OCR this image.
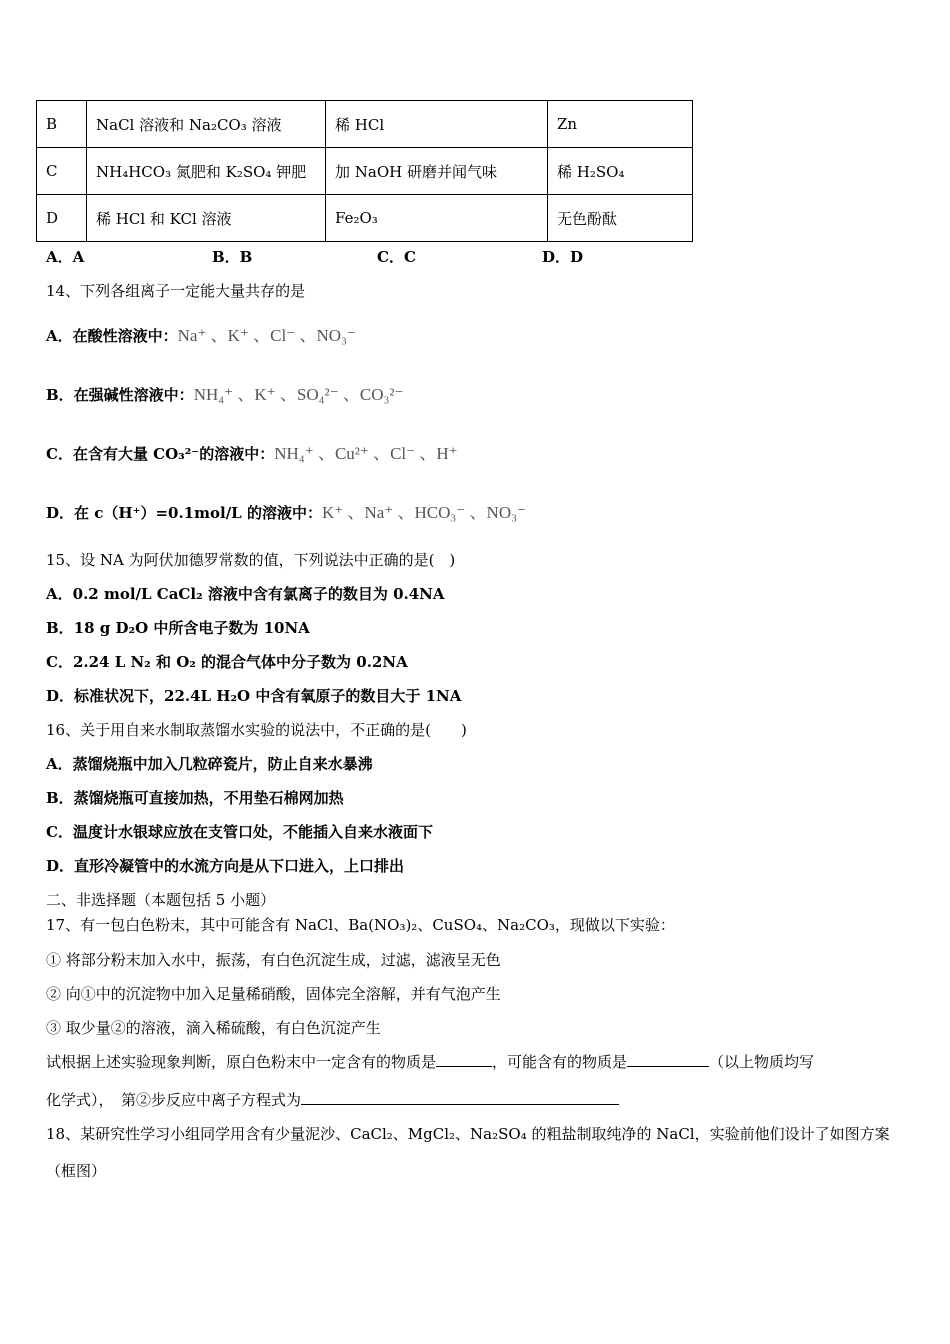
B	NaCl 溶液和 Na₂CO₃ 溶液	稀 HCl	Zn
C	NH₄HCO₃ 氮肥和 K₂SO₄ 钾肥	加 NaOH 研磨并闻气味	稀 H₂SO₄
D	稀 HCl 和 KCl 溶液	Fe₂O₃	无色酚酞
A．A	B．B	C．C	D．D
14、下列各组离子一定能大量共存的是
A．在酸性溶液中：Na⁺ 、K⁺ 、Cl⁻ 、NO₃⁻
B．在强碱性溶液中：NH₄⁺ 、K⁺ 、SO₄²⁻ 、CO₃²⁻
C．在含有大量 CO₃²⁻的溶液中：NH₄⁺ 、Cu²⁺ 、Cl⁻ 、H⁺
D．在 c（H⁺）=0.1mol/L 的溶液中：K⁺ 、Na⁺ 、HCO₃⁻ 、NO₃⁻
15、设 NA 为阿伏加德罗常数的值，下列说法中正确的是(　)
A．0.2 mol/L CaCl₂ 溶液中含有氯离子的数目为 0.4NA
B．18 g D₂O 中所含电子数为 10NA
C．2.24 L N₂ 和 O₂ 的混合气体中分子数为 0.2NA
D．标准状况下，22.4L H₂O 中含有氧原子的数目大于 1NA
16、关于用自来水制取蒸馏水实验的说法中，不正确的是(　　)
A．蒸馏烧瓶中加入几粒碎瓷片，防止自来水暴沸
B．蒸馏烧瓶可直接加热，不用垫石棉网加热
C．温度计水银球应放在支管口处，不能插入自来水液面下
D．直形冷凝管中的水流方向是从下口进入，上口排出
二、非选择题（本题包括 5 小题）
17、有一包白色粉末，其中可能含有 NaCl、Ba(NO₃)₂、CuSO₄、Na₂CO₃，现做以下实验：
① 将部分粉末加入水中，振荡，有白色沉淀生成，过滤，滤液呈无色
② 向①中的沉淀物中加入足量稀硝酸，固体完全溶解，并有气泡产生
③ 取少量②的溶液，滴入稀硫酸，有白色沉淀产生
试根据上述实验现象判断，原白色粉末中一定含有的物质是	，可能含有的物质是	（以上物质均写
化学式），　第②步反应中离子方程式为
18、某研究性学习小组同学用含有少量泥沙、CaCl₂、MgCl₂、Na₂SO₄ 的粗盐制取纯净的 NaCl，实验前他们设计了如图方案
（框图）
